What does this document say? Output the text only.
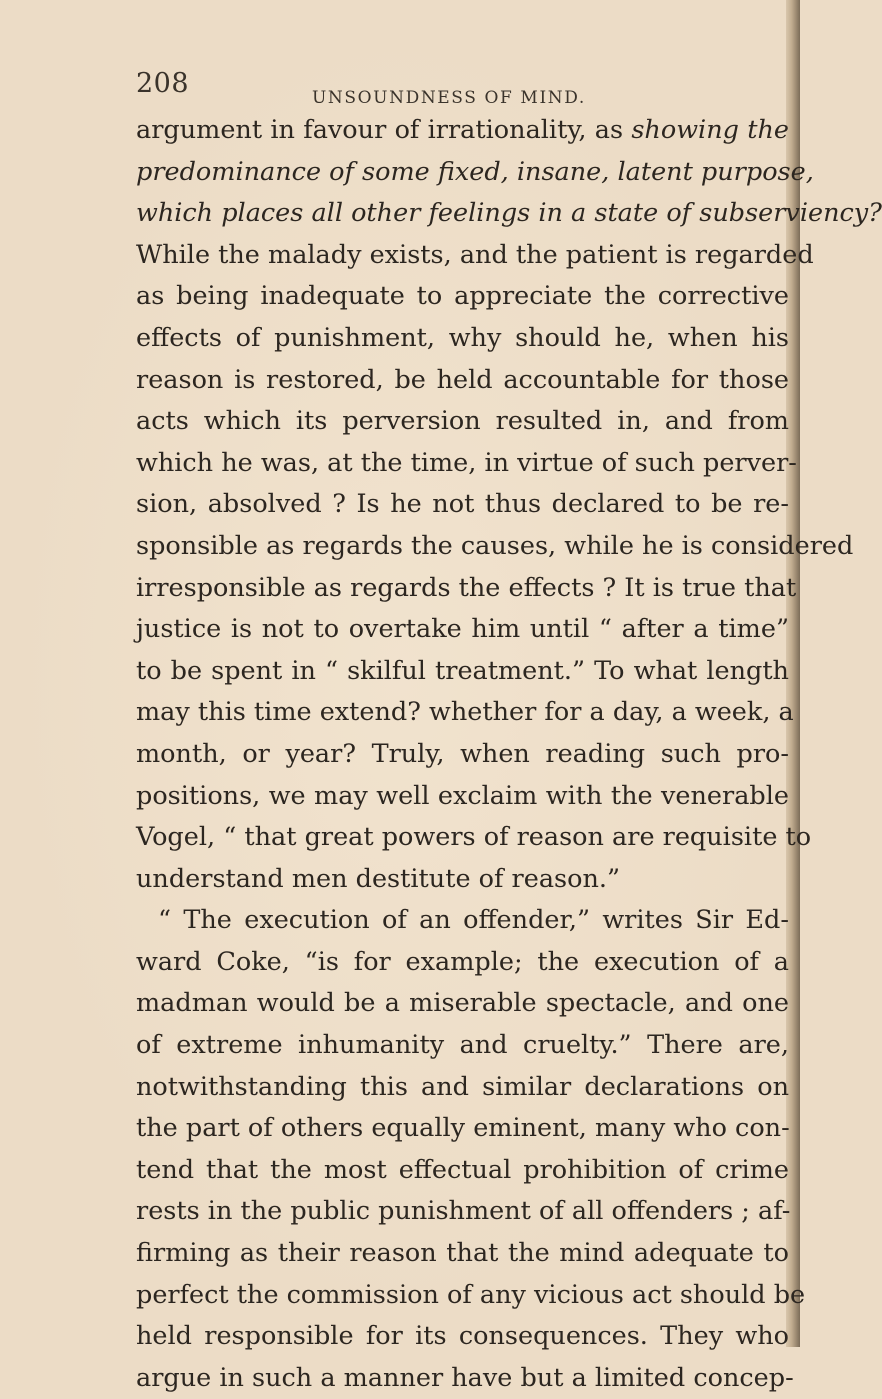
208	UNSOUNDNESS OF MIND.
argument in favour of irrationality, as showing the
predominance of some fixed, insane, latent purpose,
which places all other feelings in a state of subserviency?
While the malady exists, and the patient is regarded
as being inadequate to appreciate the corrective
effects of punishment, why should he, when his
reason is restored, be held accountable for those
acts which its perversion resulted in, and from
which he was, at the time, in virtue of such perver-
sion, absolved ? Is he not thus declared to be re-
sponsible as regards the causes, while he is considered
irresponsible as regards the effects ? It is true that
justice is not to overtake him until “ after a time”
to be spent in “ skilful treatment.” To what length
may this time extend? whether for a day, a week, a
month, or year? Truly, when reading such pro-
positions, we may well exclaim with the venerable
Vogel, “ that great powers of reason are requisite to
understand men destitute of reason.”
“ The execution of an offender,” writes Sir Ed-
ward Coke, “is for example; the execution of a
madman would be a miserable spectacle, and one
of extreme inhumanity and cruelty.” There are,
notwithstanding this and similar declarations on
the part of others equally eminent, many who con-
tend that the most effectual prohibition of crime
rests in the public punishment of all offenders ; af-
firming as their reason that the mind adequate to
perfect the commission of any vicious act should be
held responsible for its consequences. They who
argue in such a manner have but a limited concep-
